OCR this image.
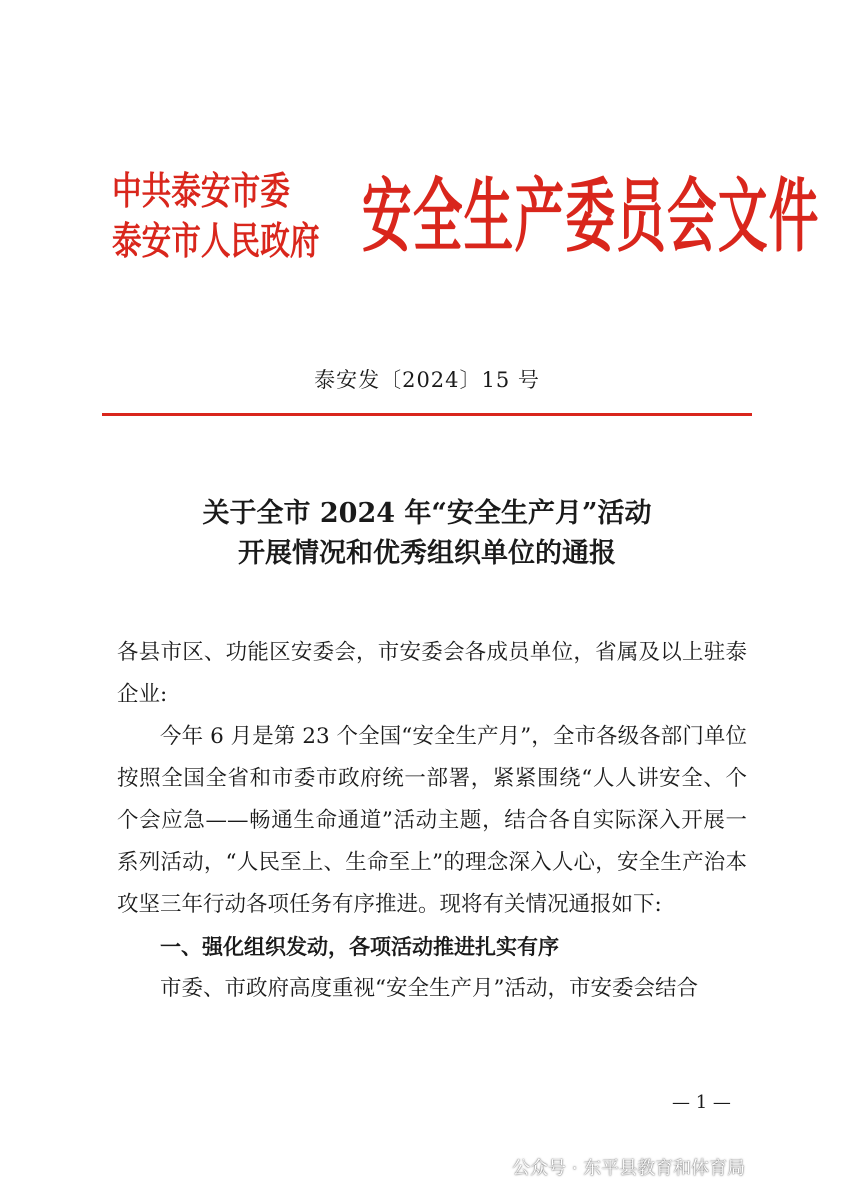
中共泰安市委
泰安市人民政府 安全生产委员会文件
泰安发〔2024〕15 号
关于全市 2024 年“安全生产月”活动
开展情况和优秀组织单位的通报

各县市区、功能区安委会，市安委会各成员单位，省属及以上驻泰企业:

今年 6 月是第 23 个全国“安全生产月”，全市各级各部门单位按照全国全省和市委市政府统一部署，紧紧围绕“人人讲安全、个个会应急——畅通生命通道”活动主题，结合各自实际深入开展一系列活动，“人民至上、生命至上”的理念深入人心，安全生产治本攻坚三年行动各项任务有序推进。现将有关情况通报如下:

一、强化组织发动，各项活动推进扎实有序

市委、市政府高度重视“安全生产月”活动，市安委会结合

— 1 —
公众号 · 东平县教育和体育局
